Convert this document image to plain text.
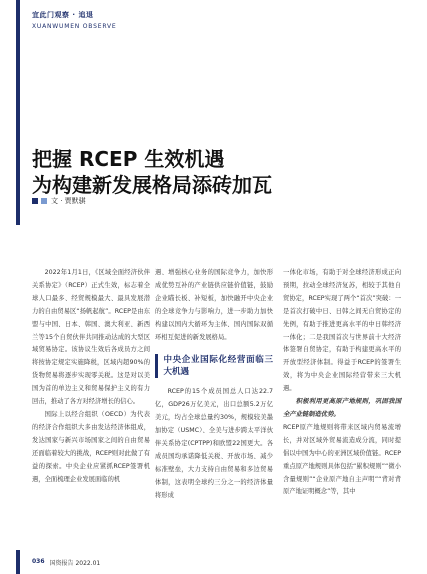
宜此门观察 · 追退
XUANWUMEN OBSERVE
把握 RCEP 生效机遇
为构建新发展格局添砖加瓦
文 · 贾默骐

2022年1月1日，《区域全面经济伙伴关系协定》（RCEP）正式生效，标志着全球人口最多、经贸规模最大、最具发展潜力的自由贸易区“扬帆起航”。RCEP是由东盟与中国、日本、韩国、澳大利亚、新西兰等15个自贸伙伴共同推动达成的大型区域贸易协定。该协议生效后各成员方之间将按协定规定实施降税，区域内超90%的货物贸易将逐步实现零关税。这是对以美国为首的单边主义和贸易保护主义的有力回击，推动了各方对经济增长的信心。

国际上以经合组织（OECD）为代表的经济合作组织大多由发达经济体组成，发达国家与新兴市场国家之间的自由贸易还面临着较大的挑战，RCEP则对此做了有益的探索。中央企业应紧抓RCEP签署机遇，全面梳理企业发展面临的机

遇、增强核心业务的国际竞争力，加快形成优势互补的产业链供应链价值链，鼓励企业瞄长板、补短板，加快融开中央企业的全球竞争力与影响力，进一步助力加快构建以国内大循环为主体、国内国际双循环相互促进的新发展格局。

中央企业国际化经营面临三大机遇

RCEP的15个成员国总人口达22.7亿，GDP26万亿美元，出口总额5.2万亿美元，均占全球总量约30%，规模较美墨加协定（USMC）、全美与进步跨太平洋伙伴关系协定(CPTPP)和欧盟22国更大。各成员国均承诺降低关税、开放市场、减少标准壁垒，大力支持自由贸易和多边贸易体制，这表明全球约三分之一的经济体量将形成

一体化市场，有助于对全球经济形成正向预期，拉动全球经济复苏，相较于其他自贸协定，RCEP实现了两个“首次”突破：一是首次打破中日、日韩之间无自贸协定的先例，有助于推进更高水平的中日韩经济一体化；二是我国首次与世界前十大经济体签署自贸协定，有助于构建更高水平的开放型经济体制。得益于RCEP的签署生效，将为中央企业国际经营带来三大机遇。

积极利用更高原产地规则，巩固我国全产业链制造优势。

RCEP原产地规则将带来区域内贸易流增长，并对区域外贸易流造成分流，同时提倡以中国为中心的亚洲区域价值链。RCEP重点原产地规则具体包括“累积规则”“微小含量规则”“企业原产地自主声明”“背对背原产地证明概念”等，其中

036 国资报告 2022.01
